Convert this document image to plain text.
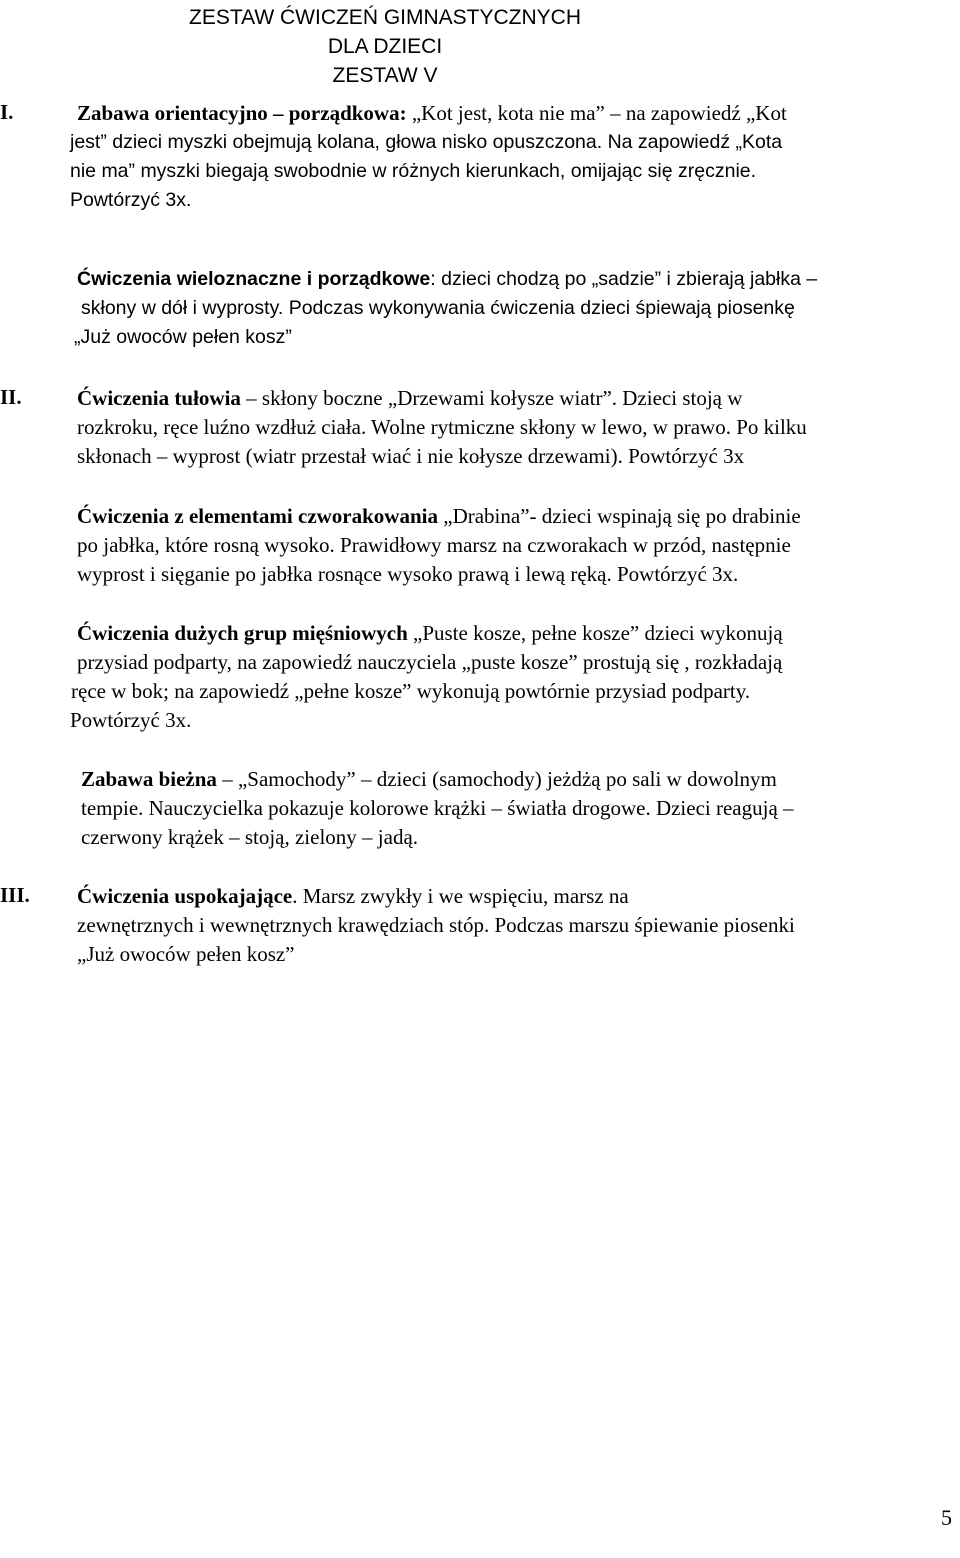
ZESTAW ĆWICZEŃ GIMNASTYCZNYCH
DLA DZIECI
ZESTAW V
I.	Zabawa orientacyjno – porządkowa: „Kot jest, kota nie ma” – na zapowiedź „Kot
jest” dzieci myszki obejmują kolana, głowa nisko opuszczona. Na zapowiedź „Kota
nie ma” myszki biegają swobodnie w różnych kierunkach, omijając się zręcznie.
Powtórzyć 3x.
Ćwiczenia wieloznaczne i porządkowe: dzieci chodzą po „sadzie” i zbierają jabłka –
skłony w dół i wyprosty. Podczas wykonywania ćwiczenia dzieci śpiewają piosenkę
„Już owoców pełen kosz”
II.	Ćwiczenia tułowia – skłony boczne „Drzewami kołysze wiatr”. Dzieci stoją w
rozkroku, ręce luźno wzdłuż ciała. Wolne rytmiczne skłony w lewo, w prawo. Po kilku
skłonach – wyprost (wiatr przestał wiać i nie kołysze drzewami). Powtórzyć 3x
Ćwiczenia z elementami czworakowania „Drabina”- dzieci wspinają się po drabinie
po jabłka, które rosną wysoko. Prawidłowy marsz na czworakach w przód, następnie
wyprost i sięganie po jabłka rosnące wysoko prawą i lewą ręką. Powtórzyć 3x.
Ćwiczenia dużych grup mięśniowych „Puste kosze, pełne kosze” dzieci wykonują
przysiad podparty, na zapowiedź nauczyciela „puste kosze” prostują się , rozkładają
ręce w bok; na zapowiedź „pełne kosze” wykonują powtórnie przysiad podparty.
Powtórzyć 3x.
Zabawa bieżna – „Samochody” – dzieci (samochody) jeżdżą po sali w dowolnym
tempie. Nauczycielka pokazuje kolorowe krążki – światła drogowe. Dzieci reagują –
czerwony krążek – stoją, zielony – jadą.
III. Ćwiczenia uspokajające. Marsz zwykły i we wspięciu, marsz na
zewnętrznych i wewnętrznych krawędziach stóp. Podczas marszu śpiewanie piosenki
„Już owoców pełen kosz”
5
